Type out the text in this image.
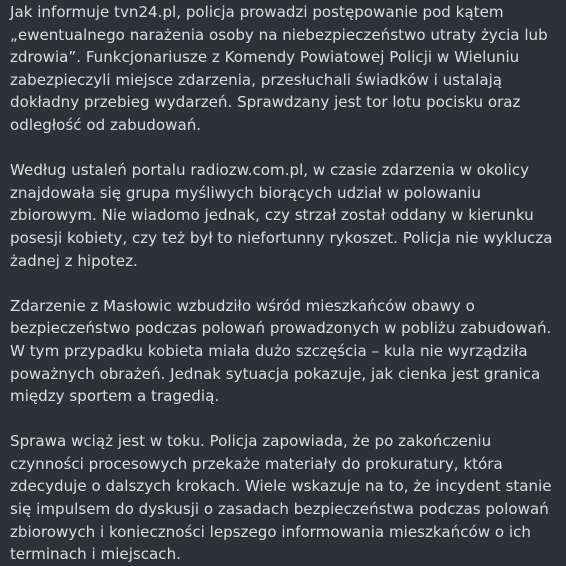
Jak informuje tvn24.pl, policja prowadzi postępowanie pod kątem „ewentualnego narażenia osoby na niebezpieczeństwo utraty życia lub zdrowia”. Funkcjonariusze z Komendy Powiatowej Policji w Wieluniu zabezpieczyli miejsce zdarzenia, przesłuchali świadków i ustalają dokładny przebieg wydarzeń. Sprawdzany jest tor lotu pocisku oraz odległość od zabudowań.

Według ustaleń portalu radiozw.com.pl, w czasie zdarzenia w okolicy znajdowała się grupa myśliwych biorących udział w polowaniu zbiorowym. Nie wiadomo jednak, czy strzał został oddany w kierunku posesji kobiety, czy też był to niefortunny rykoszet. Policja nie wyklucza żadnej z hipotez.

Zdarzenie z Masłowic wzbudziło wśród mieszkańców obawy o bezpieczeństwo podczas polowań prowadzonych w pobliżu zabudowań. W tym przypadku kobieta miała dużo szczęścia – kula nie wyrządziła poważnych obrażeń. Jednak sytuacja pokazuje, jak cienka jest granica między sportem a tragedią.

Sprawa wciąż jest w toku. Policja zapowiada, że po zakończeniu czynności procesowych przekaże materiały do prokuratury, która zdecyduje o dalszych krokach. Wiele wskazuje na to, że incydent stanie się impulsem do dyskusji o zasadach bezpieczeństwa podczas polowań zbiorowych i konieczności lepszego informowania mieszkańców o ich terminach i miejscach.
